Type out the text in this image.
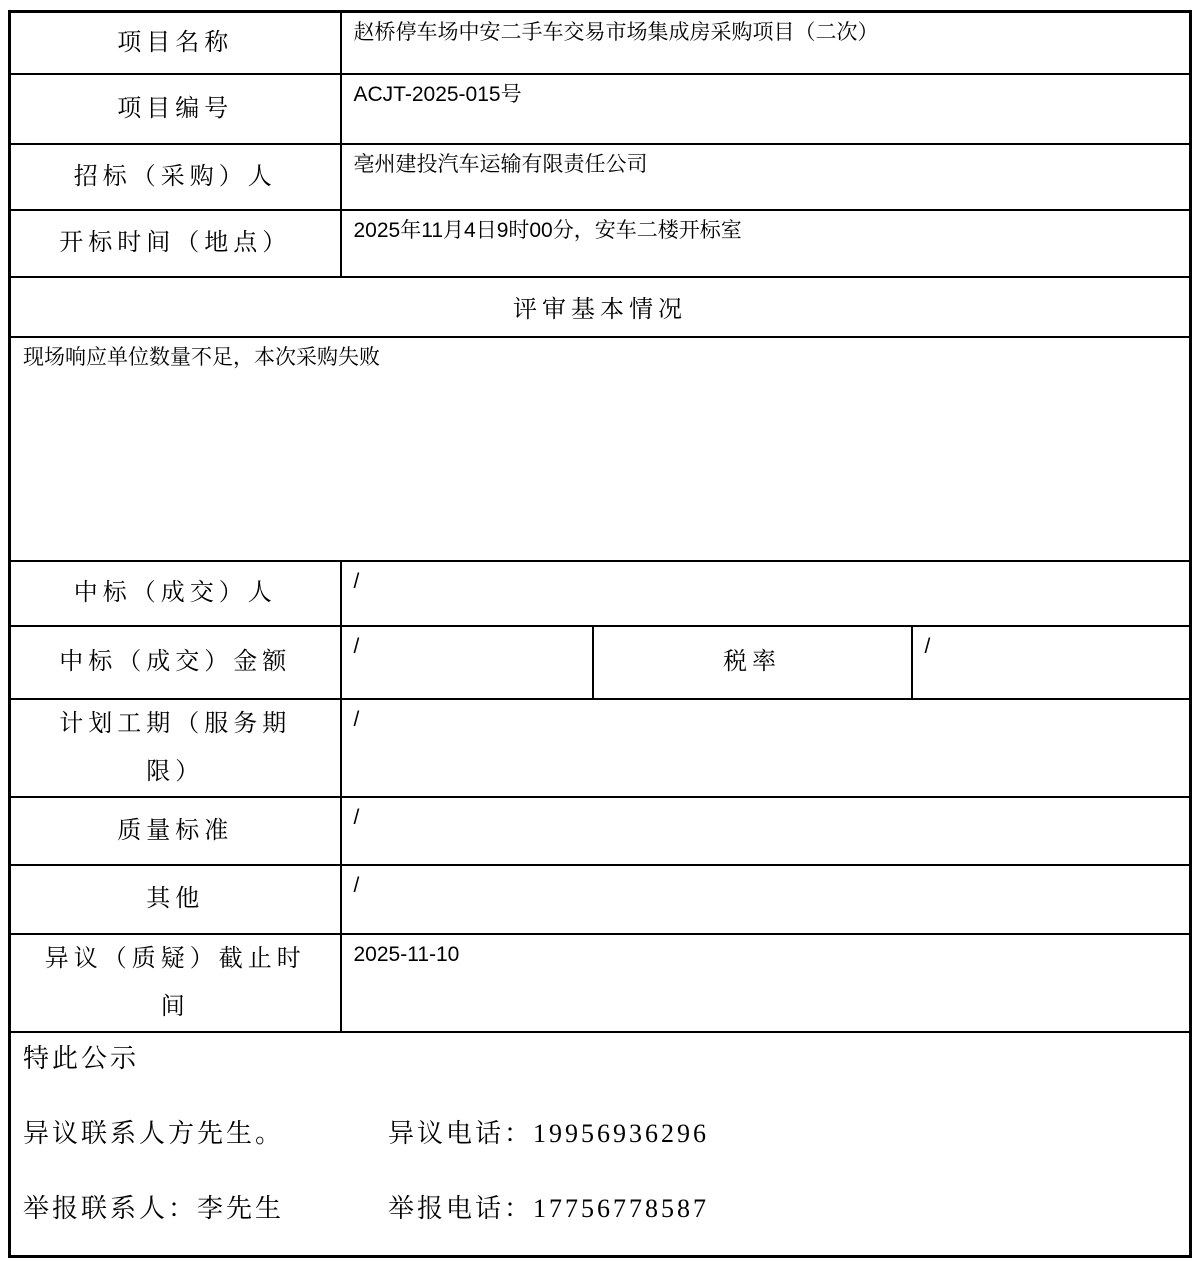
项目名称	赵桥停车场中安二手车交易市场集成房采购项目（二次）		
项目编号	ACJT-2025-015号		
招标（采购）人	亳州建投汽车运输有限责任公司		
开标时间（地点）	2025年11月4日9时00分，安车二楼开标室		
评审基本情况			
现场响应单位数量不足，本次采购失败			
中标（成交）人	/		
中标（成交）金额	/	税率	/
计划工期（服务期限）	/		
质量标准	/		
其他	/		
异议（质疑）截止时间	2025-11-10		

特此公示
异议联系人方先生。 异议电话：19956936296
举报联系人：李先生 举报电话：17756778587			
